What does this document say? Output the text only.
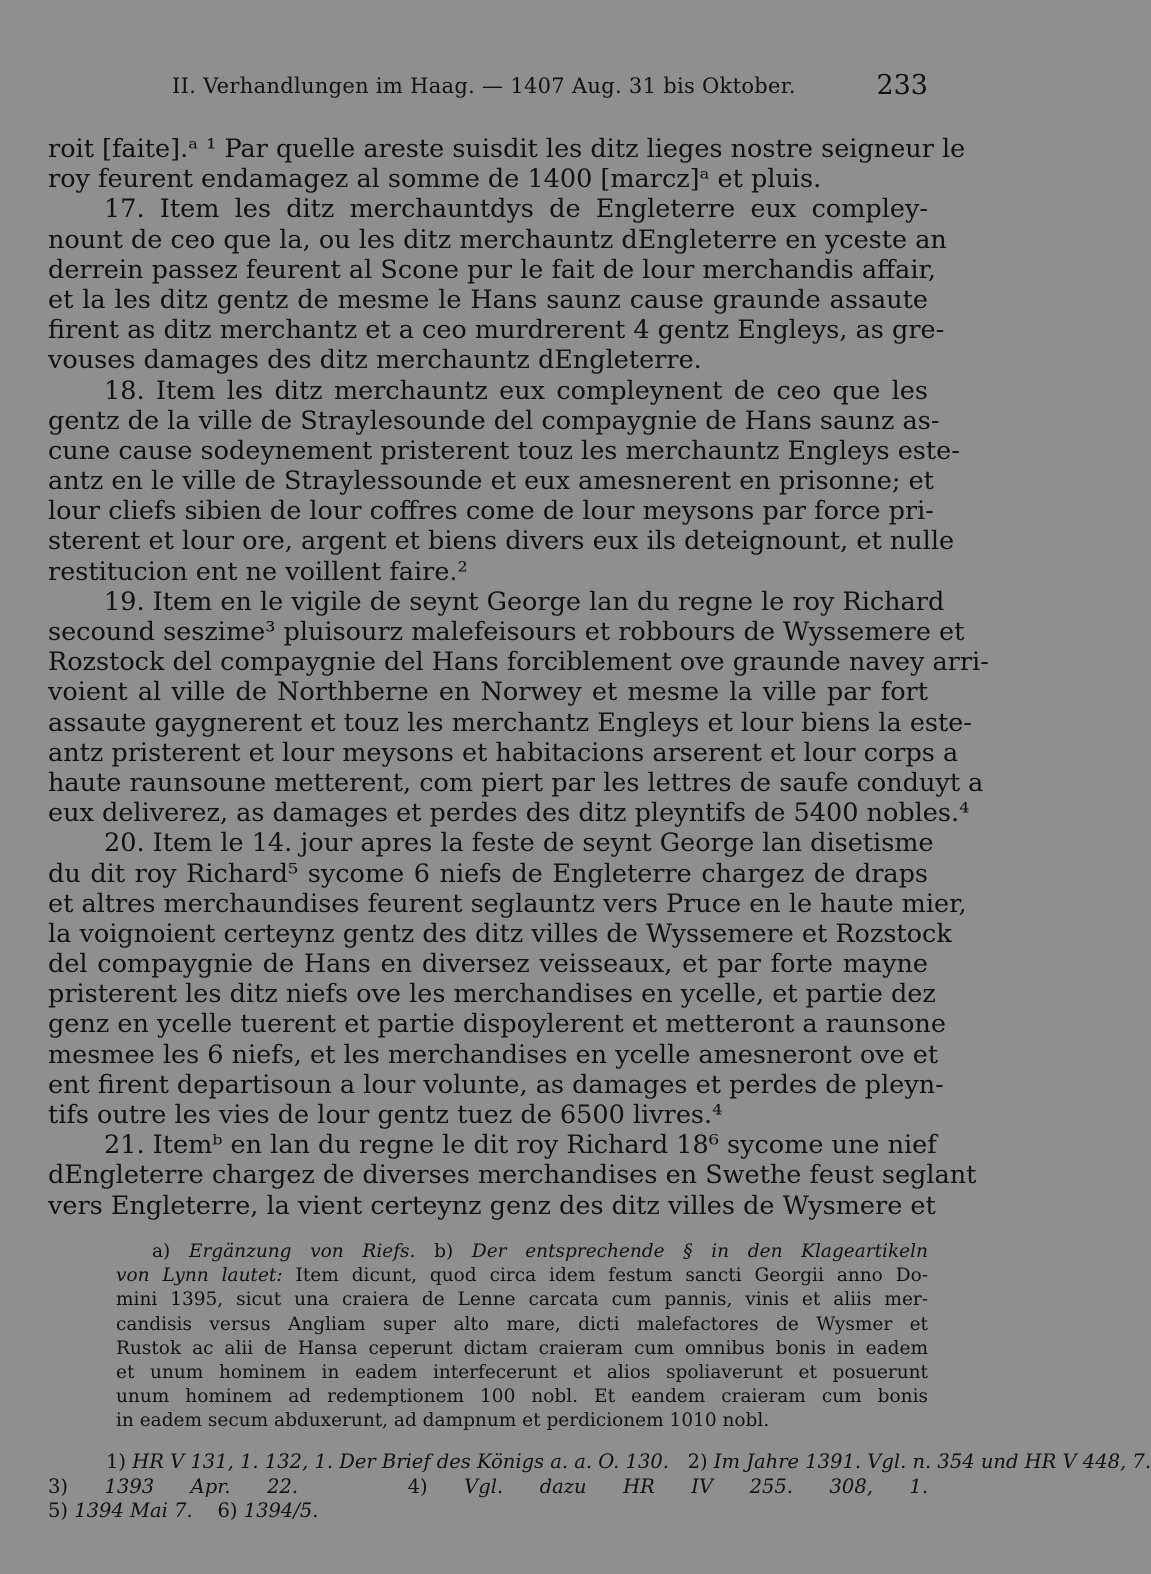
II. Verhandlungen im Haag. — 1407 Aug. 31 bis Oktober.	233
roit [faite].ᵃ ¹ Par quelle areste suisdit les ditz lieges nostre seigneur le
roy feurent endamagez al somme de 1400 [marcz]ᵃ et pluis.
17. Item les ditz merchauntdys de Engleterre eux compley-
nount de ceo que la, ou les ditz merchauntz dEngleterre en yceste an
derrein passez feurent al Scone pur le fait de lour merchandis affair,
et la les ditz gentz de mesme le Hans saunz cause graunde assaute
firent as ditz merchantz et a ceo murdrerent 4 gentz Engleys, as gre-
vouses damages des ditz merchauntz dEngleterre.
18. Item les ditz merchauntz eux compleynent de ceo que les
gentz de la ville de Straylesounde del compaygnie de Hans saunz as-
cune cause sodeynement pristerent touz les merchauntz Engleys este-
antz en le ville de Straylessounde et eux amesnerent en prisonne; et
lour cliefs sibien de lour coffres come de lour meysons par force pri-
sterent et lour ore, argent et biens divers eux ils deteignount, et nulle
restitucion ent ne voillent faire.²
19. Item en le vigile de seynt George lan du regne le roy Richard
secound seszime³ pluisourz malefeisours et robbours de Wyssemere et
Rozstock del compaygnie del Hans forciblement ove graunde navey arri-
voient al ville de Northberne en Norwey et mesme la ville par fort
assaute gaygnerent et touz les merchantz Engleys et lour biens la este-
antz pristerent et lour meysons et habitacions arserent et lour corps a
haute raunsoune metterent, com piert par les lettres de saufe conduyt a
eux deliverez, as damages et perdes des ditz pleyntifs de 5400 nobles.⁴
20. Item le 14. jour apres la feste de seynt George lan disetisme
du dit roy Richard⁵ sycome 6 niefs de Engleterre chargez de draps
et altres merchaundises feurent seglauntz vers Pruce en le haute mier,
la voignoient certeynz gentz des ditz villes de Wyssemere et Rozstock
del compaygnie de Hans en diversez veisseaux, et par forte mayne
pristerent les ditz niefs ove les merchandises en ycelle, et partie dez
genz en ycelle tuerent et partie dispoylerent et metteront a raunsone
mesmee les 6 niefs, et les merchandises en ycelle amesneront ove et
ent firent departisoun a lour volunte, as damages et perdes de pleyn-
tifs outre les vies de lour gentz tuez de 6500 livres.⁴
21. Itemᵇ en lan du regne le dit roy Richard 18⁶ sycome une nief
dEngleterre chargez de diverses merchandises en Swethe feust seglant
vers Engleterre, la vient certeynz genz des ditz villes de Wysmere et
a) Ergänzung von Riefs. b) Der entsprechende § in den Klageartikeln
von Lynn lautet: Item dicunt, quod circa idem festum sancti Georgii anno Do-
mini 1395, sicut una craiera de Lenne carcata cum pannis, vinis et aliis mer-
candisis versus Angliam super alto mare, dicti malefactores de Wysmer et
Rustok ac alii de Hansa ceperunt dictam craieram cum omnibus bonis in eadem
et unum hominem in eadem interfecerunt et alios spoliaverunt et posuerunt
unum hominem ad redemptionem 100 nobl. Et eandem craieram cum bonis
in eadem secum abduxerunt, ad dampnum et perdicionem 1010 nobl.
1) HR V 131, 1. 132, 1. Der Brief des Königs a. a. O. 130. 2) Im Jahre 1391. Vgl. n. 354 und HR V 448, 7.
3) 1393 Apr. 22.	4) Vgl. dazu HR IV 255. 308, 1.
5) 1394 Mai 7. 6) 1394/5.
